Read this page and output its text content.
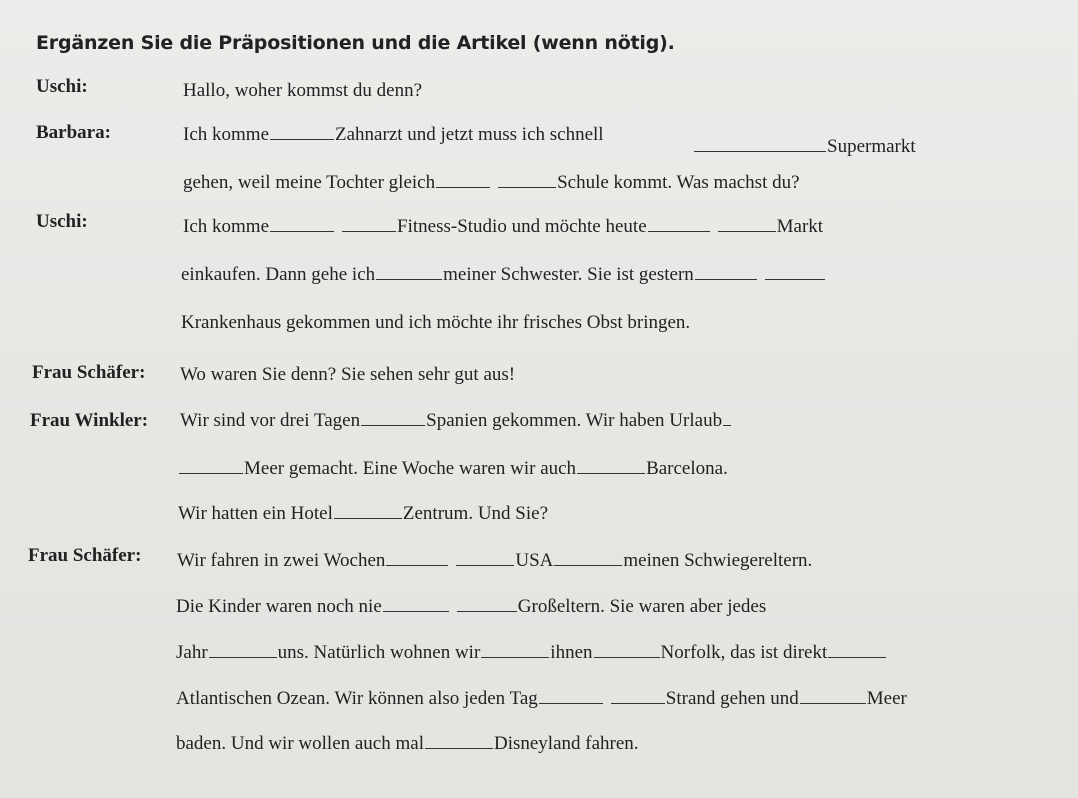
Ergänzen Sie die Präpositionen und die Artikel (wenn nötig).
Uschi:	Hallo, woher kommst du denn?
Barbara:	Ich komme	Zahnarzt und jetzt muss ich schnell
Supermarkt
gehen, weil meine Tochter gleich	Schule kommt. Was machst du?
Uschi:	Ich komme	Fitness-Studio und möchte heute	Markt
einkaufen. Dann gehe ich	meiner Schwester. Sie ist gestern
Krankenhaus gekommen und ich möchte ihr frisches Obst bringen.
Frau Schäfer: Wo waren Sie denn? Sie sehen sehr gut aus!
Frau Winkler: Wir sind vor drei Tagen	Spanien gekommen. Wir haben Urlaub
Meer gemacht. Eine Woche waren wir auch	Barcelona.
Wir hatten ein Hotel	Zentrum. Und Sie?
Frau Schäfer: Wir fahren in zwei Wochen	USA	meinen Schwiegereltern.
Die Kinder waren noch nie	Großeltern. Sie waren aber jedes
Jahr	uns. Natürlich wohnen wir	ihnen	Norfolk, das ist direkt
Atlantischen Ozean. Wir können also jeden Tag	Strand gehen und	Meer
baden. Und wir wollen auch mal	Disneyland fahren.
